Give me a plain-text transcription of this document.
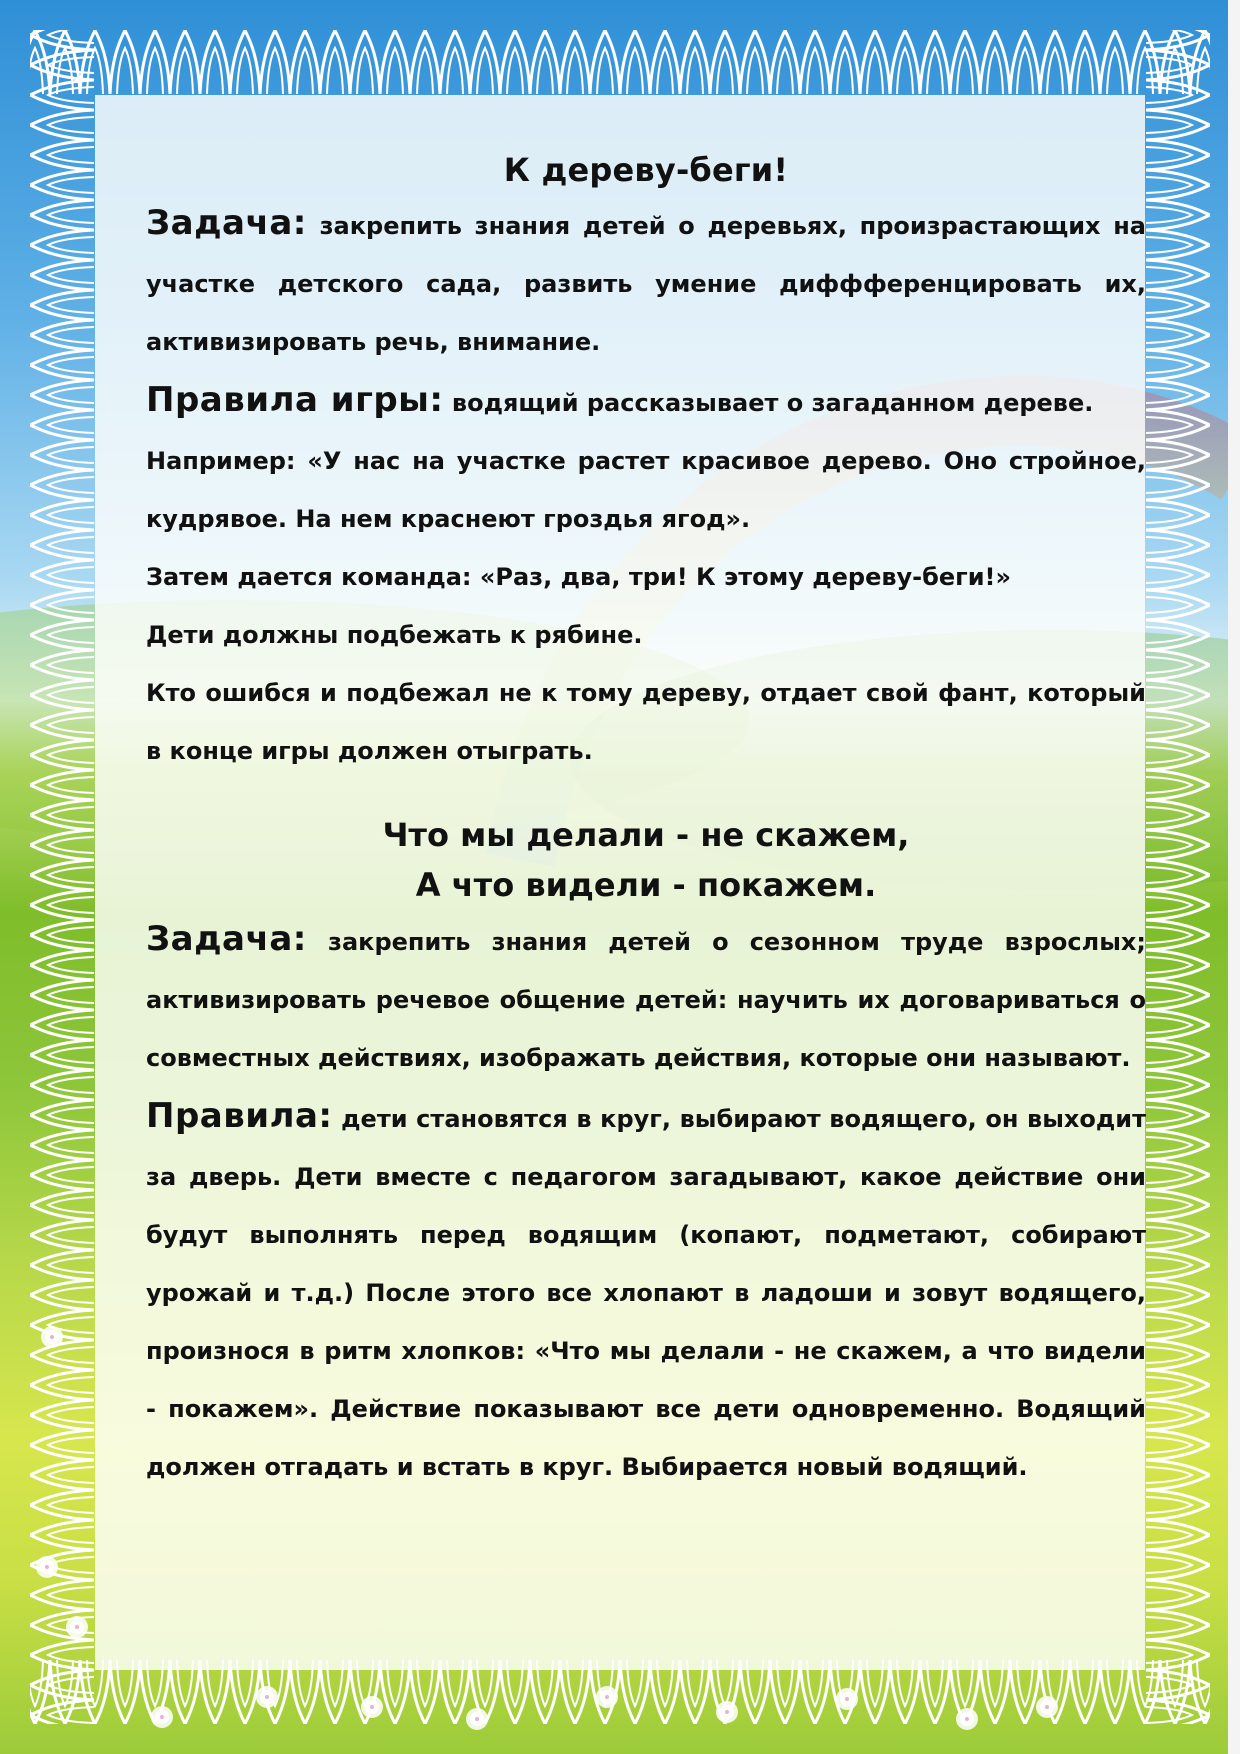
К дереву-беги!

Задача: закрепить знания детей о деревьях, произрастающих на участке детского сада, развить умение диффференцировать их, активизировать речь, внимание.

Правила игры: водящий рассказывает о загаданном дереве.

Например: «У нас на участке растет красивое дерево. Оно стройное, кудрявое. На нем краснеют гроздья ягод».

Затем дается команда: «Раз, два, три! К этому дереву-беги!»

Дети должны подбежать к рябине.

Кто ошибся и подбежал не к тому дереву, отдает свой фант, который в конце игры должен отыграть.

Что мы делали - не скажем,

А что видели - покажем.

Задача: закрепить знания детей о сезонном труде взрослых; активизировать речевое общение детей: научить их договариваться о совместных действиях, изображать действия, которые они называют.

Правила: дети становятся в круг, выбирают водящего, он выходит за дверь. Дети вместе с педагогом загадывают, какое действие они будут выполнять перед водящим (копают, подметают, собирают урожай и т.д.) После этого все хлопают в ладоши и зовут водящего, произнося в ритм хлопков: «Что мы делали - не скажем, а что видели - покажем». Действие показывают все дети одновременно. Водящий должен отгадать и встать в круг. Выбирается новый водящий.
